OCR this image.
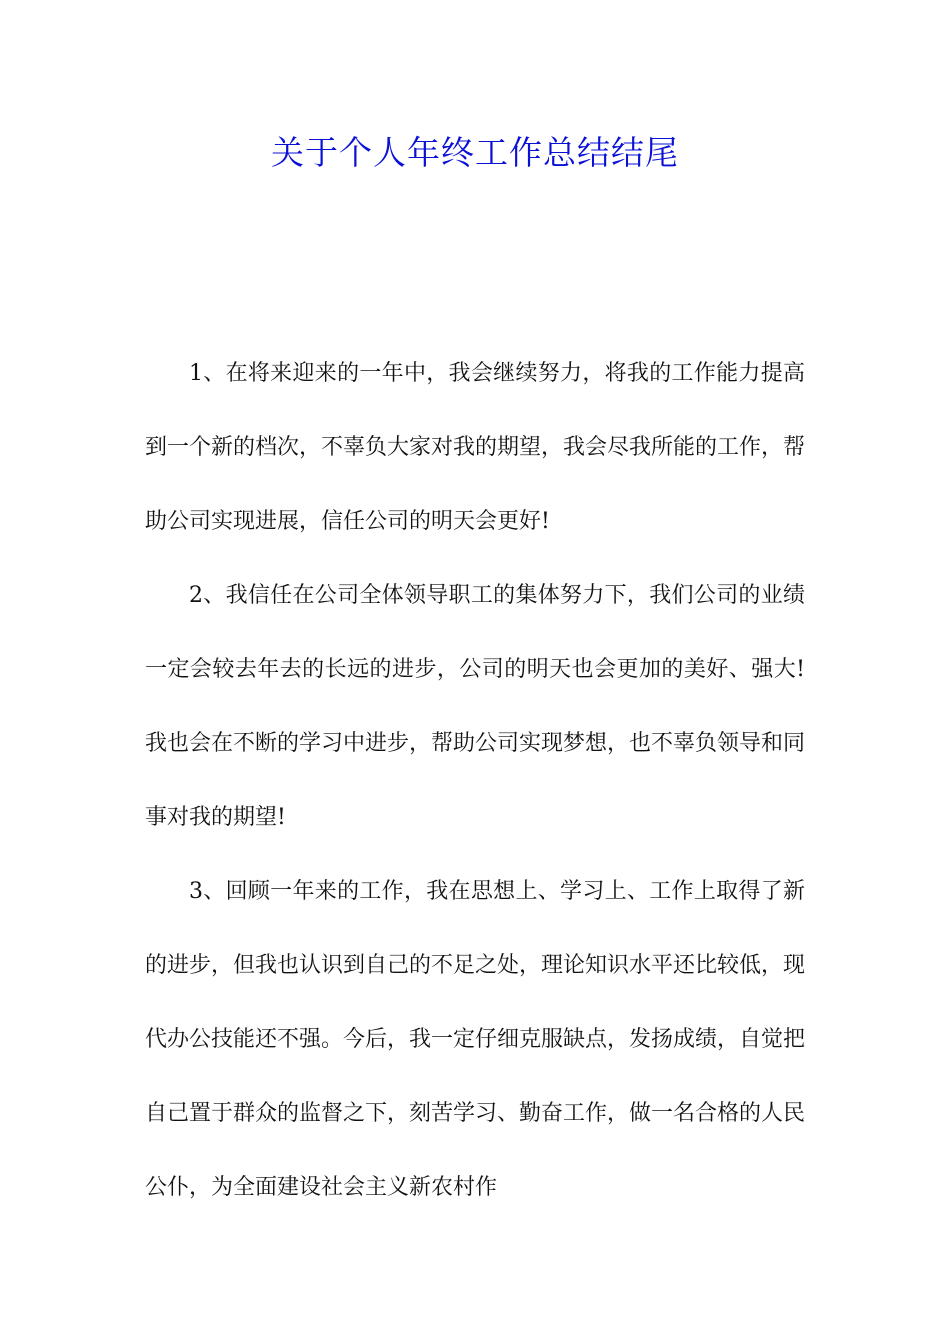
关于个人年终工作总结结尾

1、在将来迎来的一年中，我会继续努力，将我的工作能力提高到一个新的档次，不辜负大家对我的期望，我会尽我所能的工作，帮助公司实现进展，信任公司的明天会更好!

2、我信任在公司全体领导职工的集体努力下，我们公司的业绩一定会较去年去的长远的进步，公司的明天也会更加的美好、强大!我也会在不断的学习中进步，帮助公司实现梦想，也不辜负领导和同事对我的期望!

3、回顾一年来的工作，我在思想上、学习上、工作上取得了新的进步，但我也认识到自己的不足之处，理论知识水平还比较低，现代办公技能还不强。今后，我一定仔细克服缺点，发扬成绩，自觉把自己置于群众的监督之下，刻苦学习、勤奋工作，做一名合格的人民公仆，为全面建设社会主义新农村作
